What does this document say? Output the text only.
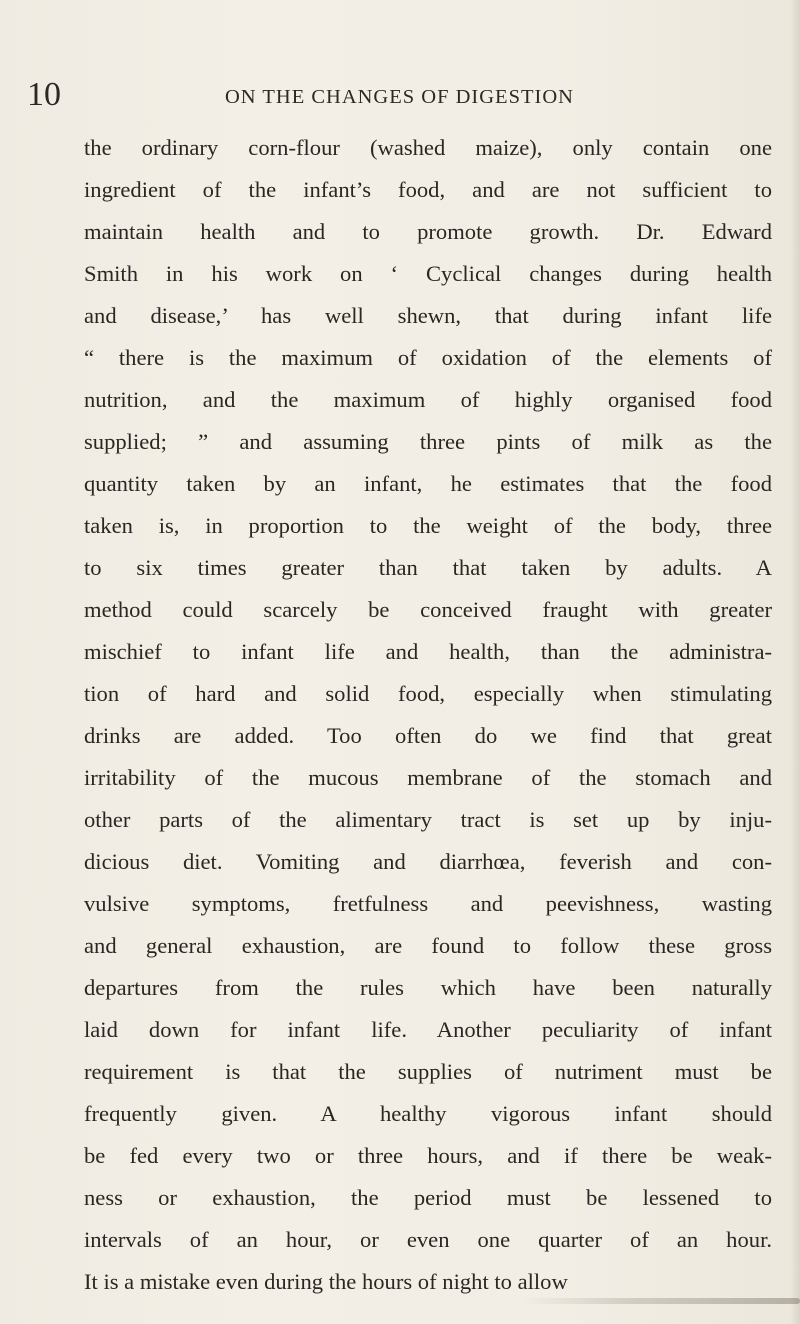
10	ON THE CHANGES OF DIGESTION
the ordinary corn-flour (washed maize), only contain one
ingredient of the infant’s food, and are not sufficient to
maintain health and to promote growth. Dr. Edward
Smith in his work on ‘ Cyclical changes during health
and disease,’ has well shewn, that during infant life
“ there is the maximum of oxidation of the elements of
nutrition, and the maximum of highly organised food
supplied; ” and assuming three pints of milk as the
quantity taken by an infant, he estimates that the food
taken is, in proportion to the weight of the body, three
to six times greater than that taken by adults. A
method could scarcely be conceived fraught with greater
mischief to infant life and health, than the administra-
tion of hard and solid food, especially when stimulating
drinks are added. Too often do we find that great
irritability of the mucous membrane of the stomach and
other parts of the alimentary tract is set up by inju-
dicious diet. Vomiting and diarrhœa, feverish and con-
vulsive symptoms, fretfulness and peevishness, wasting
and general exhaustion, are found to follow these gross
departures from the rules which have been naturally
laid down for infant life. Another peculiarity of infant
requirement is that the supplies of nutriment must be
frequently given. A healthy vigorous infant should
be fed every two or three hours, and if there be weak-
ness or exhaustion, the period must be lessened to
intervals of an hour, or even one quarter of an hour.
It is a mistake even during the hours of night to allow
